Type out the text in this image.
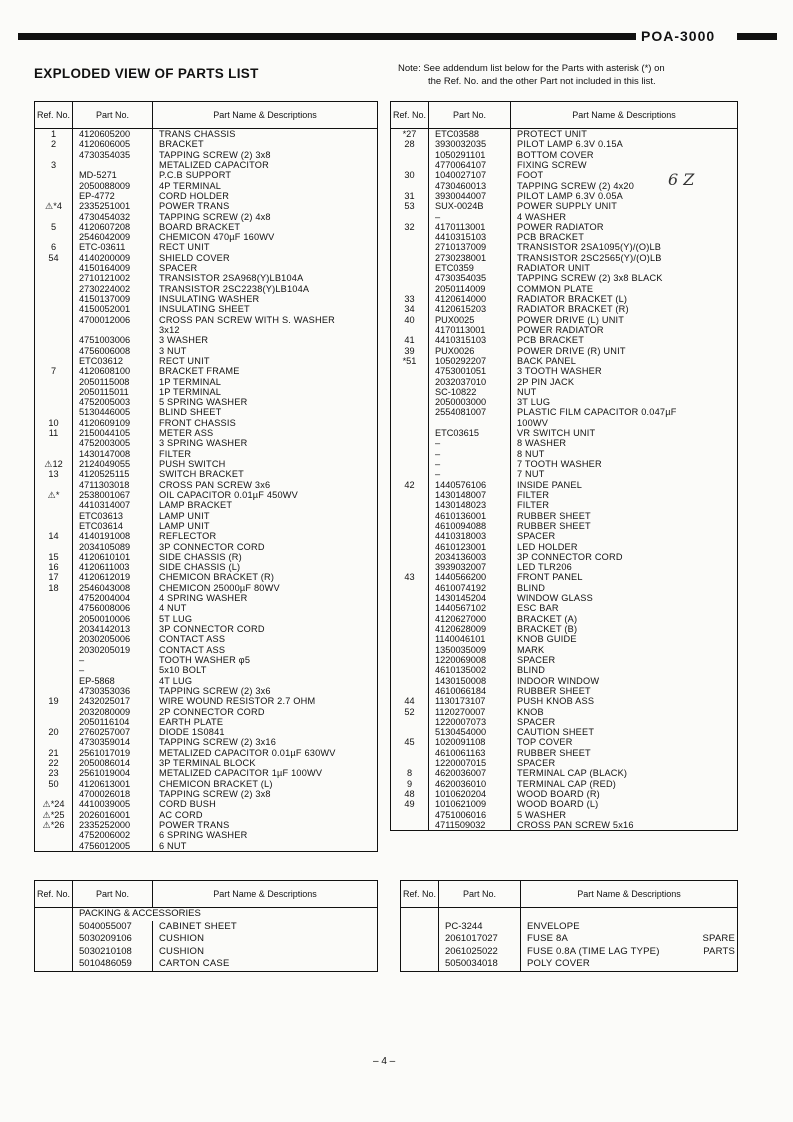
POA-3000
EXPLODED VIEW OF PARTS LIST	Note: See addendum list below for the Parts with asterisk (*) on
the Ref. No. and the other Part not included in this list.
Ref. No.	Part No.	Part Name & Descriptions
1	4120605200	TRANS CHASSIS
2	4120606005	BRACKET
	4730354035	TAPPING SCREW (2) 3x8
3		METALIZED CAPACITOR
	MD-5271	P.C.B SUPPORT
	2050088009	4P TERMINAL
	EP-4772	CORD HOLDER
⚠*4	2335251001	POWER TRANS
	4730454032	TAPPING SCREW (2) 4x8
5	4120607208	BOARD BRACKET
	2546042009	CHEMICON 470µF 160WV
6	ETC-03611	RECT UNIT
54	4140200009	SHIELD COVER
	4150164009	SPACER
	2710121002	TRANSISTOR 2SA968(Y)LB104A
	2730224002	TRANSISTOR 2SC2238(Y)LB104A
	4150137009	INSULATING WASHER
	4150052001	INSULATING SHEET
	4700012006	CROSS PAN SCREW WITH S. WASHER
		3x12
	4751003006	3 WASHER
	4756006008	3 NUT
	ETC03612	RECT UNIT
7	4120608100	BRACKET FRAME
	2050115008	1P TERMINAL
	2050115011	1P TERMINAL
	4752005003	5 SPRING WASHER
	5130446005	BLIND SHEET
10	4120609109	FRONT CHASSIS
11	2150044105	METER ASS
	4752003005	3 SPRING WASHER
	1430147008	FILTER
⚠12	2124049055	PUSH SWITCH
13	4120525115	SWITCH BRACKET
	4711303018	CROSS PAN SCREW 3x6
⚠*	2538001067	OIL CAPACITOR 0.01µF 450WV
	4410314007	LAMP BRACKET
	ETC03613	LAMP UNIT
	ETC03614	LAMP UNIT
14	4140191008	REFLECTOR
	2034105089	3P CONNECTOR CORD
15	4120610101	SIDE CHASSIS (R)
16	4120611003	SIDE CHASSIS (L)
17	4120612019	CHEMICON BRACKET (R)
18	2546043008	CHEMICON 25000µF 80WV
	4752004004	4 SPRING WASHER
	4756008006	4 NUT
	2050010006	5T LUG
	2034142013	3P CONNECTOR CORD
	2030205006	CONTACT ASS
	2030205019	CONTACT ASS
	–	TOOTH WASHER φ5
	–	5x10 BOLT
	EP-5868	4T LUG
	4730353036	TAPPING SCREW (2) 3x6
19	2432025017	WIRE WOUND RESISTOR 2.7 OHM
	2032080009	2P CONNECTOR CORD
	2050116104	EARTH PLATE
20	2760257007	DIODE 1S0841
	4730359014	TAPPING SCREW (2) 3x16
21	2561017019	METALIZED CAPACITOR 0.01µF 630WV
22	2050086014	3P TERMINAL BLOCK
23	2561019004	METALIZED CAPACITOR 1µF 100WV
50	4120613001	CHEMICON BRACKET (L)
	4700026018	TAPPING SCREW (2) 3x8
⚠*24	4410039005	CORD BUSH
⚠*25	2026016001	AC CORD
⚠*26	2335252000	POWER TRANS
	4752006002	6 SPRING WASHER
	4756012005	6 NUT
Ref. No.	Part No.	Part Name & Descriptions
*27	ETC03588	PROTECT UNIT
28	3930032035	PILOT LAMP 6.3V 0.15A
	1050291101	BOTTOM COVER
	4770064107	FIXING SCREW
30	1040027107	FOOT
	4730460013	TAPPING SCREW (2) 4x20
31	3930044007	PILOT LAMP 6.3V 0.05A
53	SUX-0024B	POWER SUPPLY UNIT
	–	4 WASHER
32	4170113001	POWER RADIATOR
	4410315103	PCB BRACKET
	2710137009	TRANSISTOR 2SA1095(Y)/(O)LB
	2730238001	TRANSISTOR 2SC2565(Y)/(O)LB
	ETC0359	RADIATOR UNIT
	4730354035	TAPPING SCREW (2) 3x8 BLACK
	2050114009	COMMON PLATE
33	4120614000	RADIATOR BRACKET (L)
34	4120615203	RADIATOR BRACKET (R)
40	PUX0025	POWER DRIVE (L) UNIT
	4170113001	POWER RADIATOR
41	4410315103	PCB BRACKET
39	PUX0026	POWER DRIVE (R) UNIT
*51	1050292207	BACK PANEL
	4753001051	3 TOOTH WASHER
	2032037010	2P PIN JACK
	SC-10822	NUT
	2050003000	3T LUG
	2554081007	PLASTIC FILM CAPACITOR 0.047µF
		100WV
	ETC03615	VR SWITCH UNIT
	–	8 WASHER
	–	8 NUT
	–	7 TOOTH WASHER
	–	7 NUT
42	1440576106	INSIDE PANEL
	1430148007	FILTER
	1430148023	FILTER
	4610136001	RUBBER SHEET
	4610094088	RUBBER SHEET
	4410318003	SPACER
	4610123001	LED HOLDER
	2034136003	3P CONNECTOR CORD
	3939032007	LED TLR206
43	1440566200	FRONT PANEL
	4610074192	BLIND
	1430145204	WINDOW GLASS
	1440567102	ESC BAR
	4120627000	BRACKET (A)
	4120628009	BRACKET (B)
	1140046101	KNOB GUIDE
	1350035009	MARK
	1220069008	SPACER
	4610135002	BLIND
	1430150008	INDOOR WINDOW
	4610066184	RUBBER SHEET
44	1130173107	PUSH KNOB ASS
52	1120270007	KNOB
	1220007073	SPACER
	5130454000	CAUTION SHEET
45	1020091108	TOP COVER
	4610061163	RUBBER SHEET
	1220007015	SPACER
8	4620036007	TERMINAL CAP (BLACK)
9	4620036010	TERMINAL CAP (RED)
48	1010620204	WOOD BOARD (R)
49	1010621009	WOOD BOARD (L)
	4751006016	5 WASHER
	4711509032	CROSS PAN SCREW 5x16
Ref. No.	Part No.	Part Name & Descriptions
	PACKING & ACCESSORIES	
	5040055007	CABINET SHEET
	5030209106	CUSHION
	5030210108	CUSHION
	5010486059	CARTON CASE
Ref. No.	Part No.	Part Name & Descriptions	

	PC-3244	ENVELOPE	
	2061017027	FUSE 8A	SPARE
	2061025022	FUSE 0.8A (TIME LAG TYPE)	PARTS
	5050034018	POLY COVER	
– 4 –
6 Z
